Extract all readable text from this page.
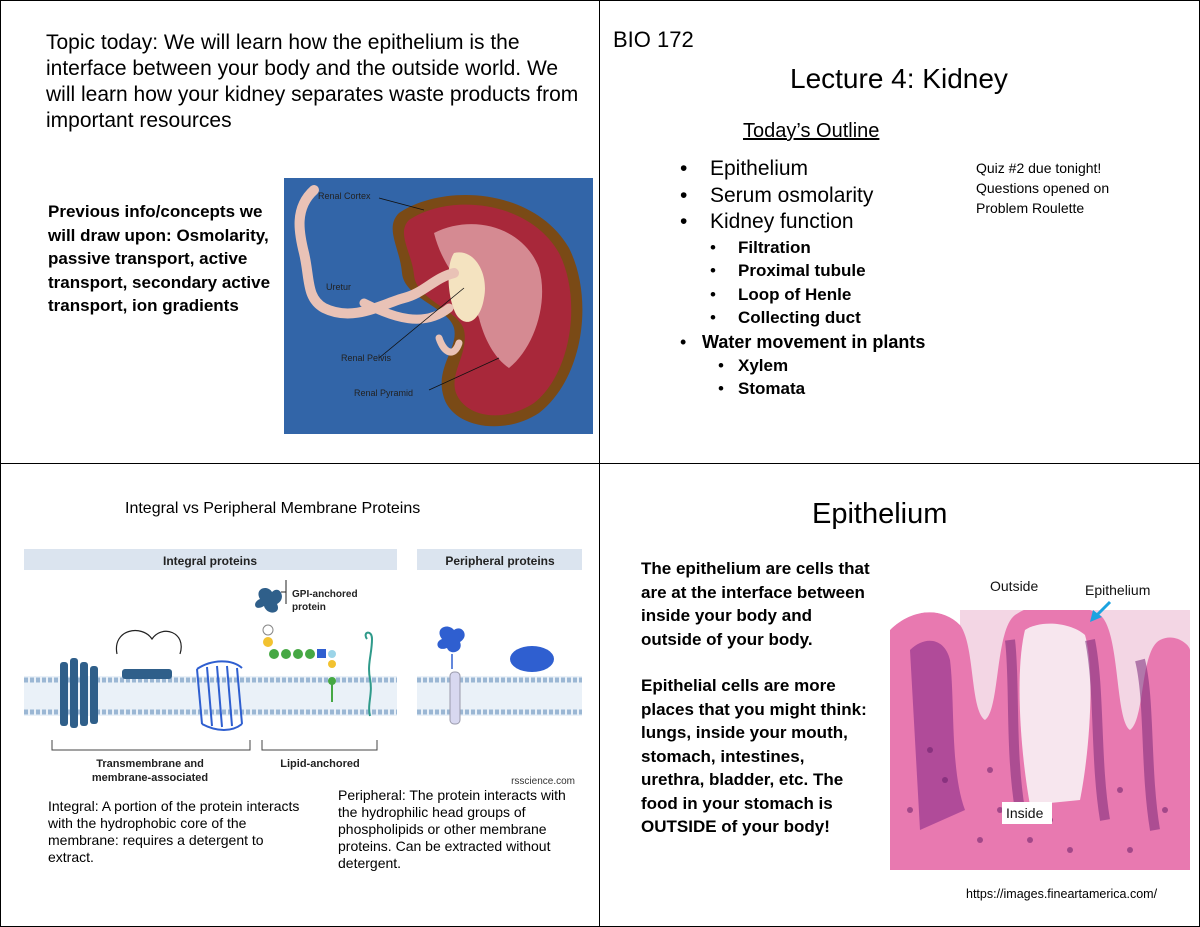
Topic today: We will learn how the epithelium is the interface between your body and the outside world. We will learn how your kidney separates waste products from important resources
Previous info/concepts we will draw upon: Osmolarity, passive transport, active transport, secondary active transport, ion gradients
Renal Cortex
Uretur
Renal Pelvis
Renal Pyramid
BIO 172
Lecture 4: Kidney
Today’s Outline
• Epithelium
• Serum osmolarity
• Kidney function
• Filtration
• Proximal tubule
• Loop of Henle
• Collecting duct
• Water movement in plants
• Xylem
• Stomata
Quiz #2 due tonight! Questions opened on Problem Roulette
Integral vs Peripheral Membrane Proteins
Integral proteins	Peripheral proteins
GPI-anchored
protein
Transmembrane and
membrane-associated
Lipid-anchored
rsscience.com
Integral: A portion of the protein interacts with the hydrophobic core of the membrane: requires a detergent to extract.
Peripheral: The protein interacts with the hydrophilic head groups of phospholipids or other membrane proteins. Can be extracted without detergent.
Epithelium
The epithelium are cells that are at the interface between inside your body and outside of your body.
Epithelial cells are more places that you might think: lungs, inside your mouth, stomach, intestines, urethra, bladder, etc. The food in your stomach is OUTSIDE of your body!
Outside	Epithelium
Inside
https://images.fineartamerica.com/
